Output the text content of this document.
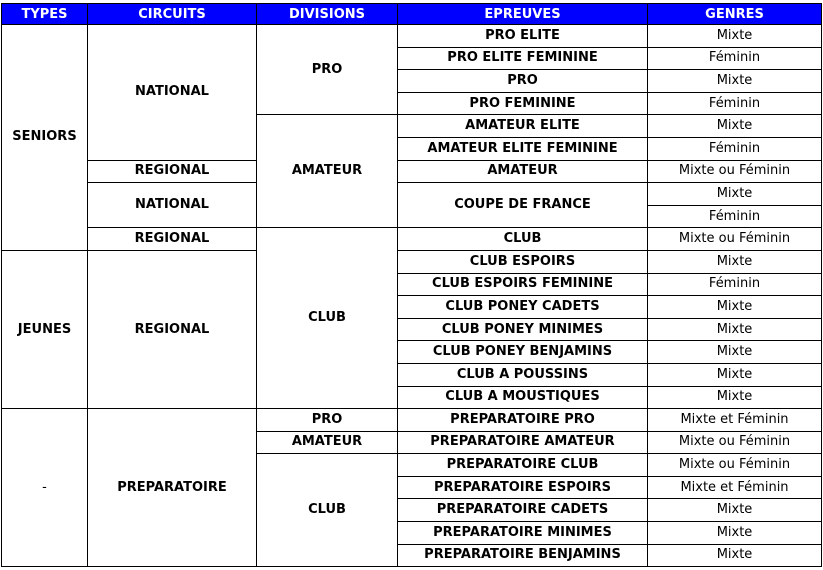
TYPES	CIRCUITS	DIVISIONS	EPREUVES	GENRES
SENIORS	NATIONAL	PRO	PRO ELITE	Mixte
			PRO ELITE FEMININE	Féminin
			PRO	Mixte
			PRO FEMININE	Féminin
		AMATEUR	AMATEUR ELITE	Mixte
			AMATEUR ELITE FEMININE	Féminin
	REGIONAL		AMATEUR	Mixte ou Féminin
	NATIONAL		COUPE DE FRANCE	Mixte
				Féminin
	REGIONAL	CLUB	CLUB	Mixte ou Féminin
JEUNES	REGIONAL		CLUB ESPOIRS	Mixte
			CLUB ESPOIRS FEMININE	Féminin
			CLUB PONEY CADETS	Mixte
			CLUB PONEY MINIMES	Mixte
			CLUB PONEY BENJAMINS	Mixte
			CLUB A POUSSINS	Mixte
			CLUB A MOUSTIQUES	Mixte
-	PREPARATOIRE	PRO	PREPARATOIRE PRO	Mixte et Féminin
		AMATEUR	PREPARATOIRE AMATEUR	Mixte ou Féminin
		CLUB	PREPARATOIRE CLUB	Mixte ou Féminin
			PREPARATOIRE ESPOIRS	Mixte et Féminin
			PREPARATOIRE CADETS	Mixte
			PREPARATOIRE MINIMES	Mixte
			PREPARATOIRE BENJAMINS	Mixte
